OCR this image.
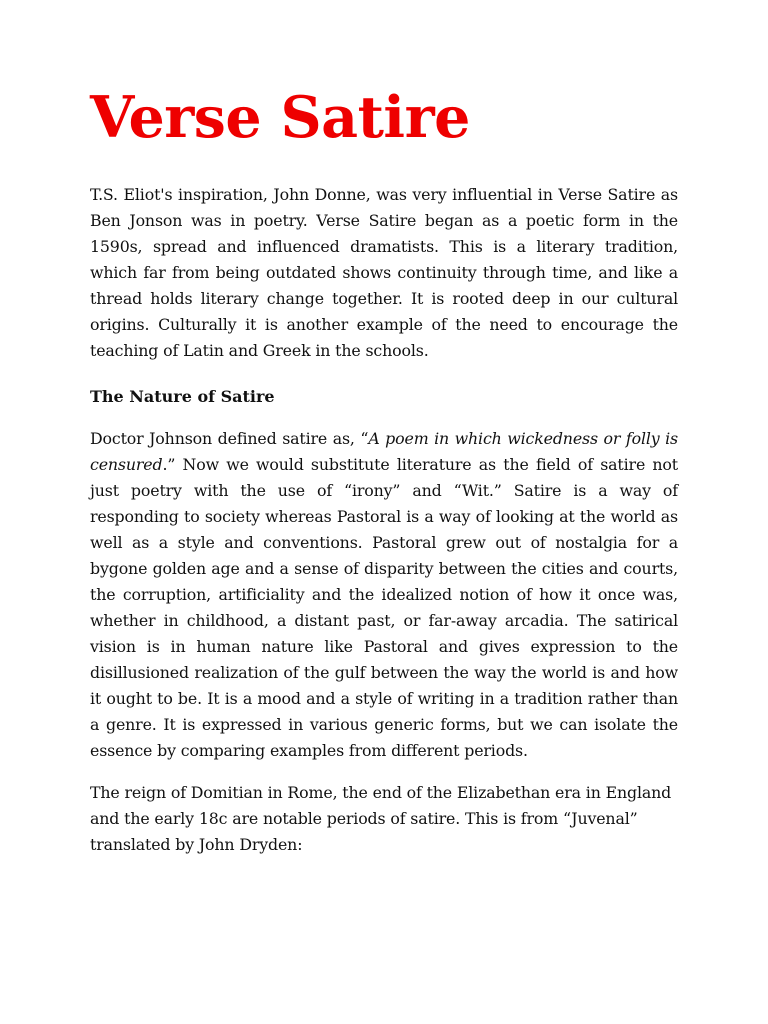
Verse Satire

T.S. Eliot's inspiration, John Donne, was very influential in Verse Satire as Ben Jonson was in poetry. Verse Satire began as a poetic form in the 1590s, spread and influenced dramatists. This is a literary tradition, which far from being outdated shows continuity through time, and like a thread holds literary change together. It is rooted deep in our cultural origins. Culturally it is another example of the need to encourage the teaching of Latin and Greek in the schools.

The Nature of Satire

Doctor Johnson defined satire as, “A poem in which wickedness or folly is censured.” Now we would substitute literature as the field of satire not just poetry with the use of “irony” and “Wit.” Satire is a way of responding to society whereas Pastoral is a way of looking at the world as well as a style and conventions. Pastoral grew out of nostalgia for a bygone golden age and a sense of disparity between the cities and courts, the corruption, artificiality and the idealized notion of how it once was, whether in childhood, a distant past, or far-away arcadia. The satirical vision is in human nature like Pastoral and gives expression to the disillusioned realization of the gulf between the way the world is and how it ought to be. It is a mood and a style of writing in a tradition rather than a genre. It is expressed in various generic forms, but we can isolate the essence by comparing examples from different periods.

The reign of Domitian in Rome, the end of the Elizabethan era in England and the early 18c are notable periods of satire. This is from “Juvenal” translated by John Dryden:
